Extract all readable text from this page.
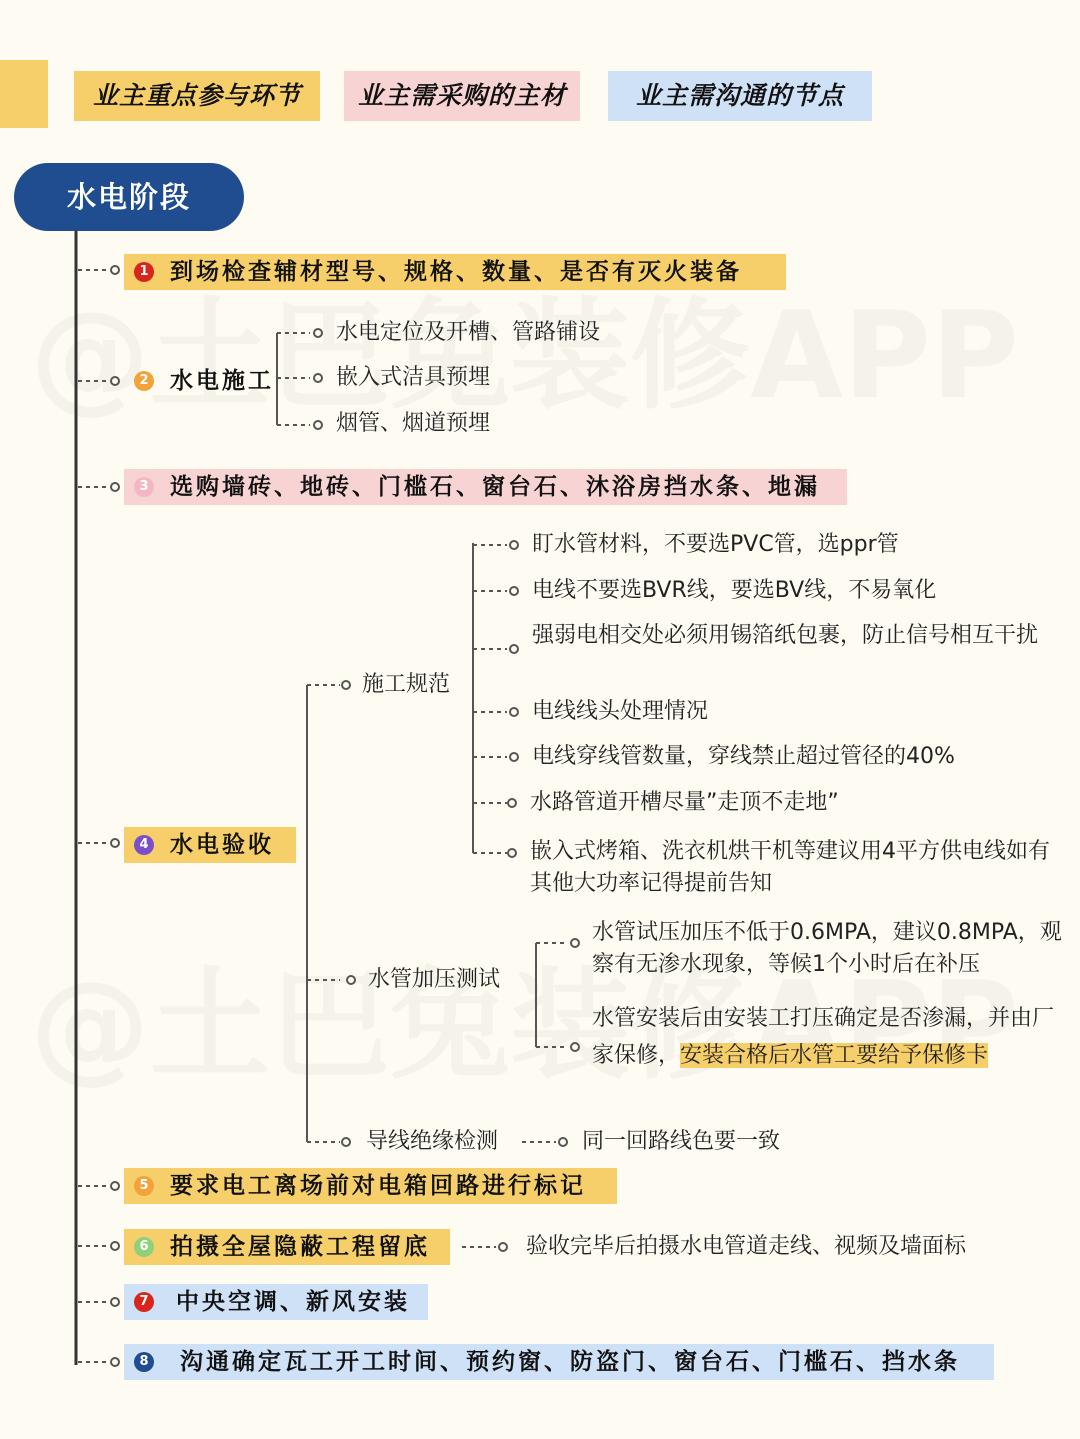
业主重点参与环节	业主需采购的主材	业主需沟通的节点
水电阶段
1 到场检查辅材型号、规格、数量、是否有灭火装备
2 水电施工
水电定位及开槽、管路铺设
嵌入式洁具预埋
烟管、烟道预埋
3 选购墙砖、地砖、门槛石、窗台石、沐浴房挡水条、地漏
4 水电验收
施工规范
盯水管材料，不要选PVC管，选ppr管
电线不要选BVR线，要选BV线，不易氧化
强弱电相交处必须用锡箔纸包裹，防止信号相互干扰
电线线头处理情况
电线穿线管数量，穿线禁止超过管径的40%
水路管道开槽尽量”走顶不走地”
嵌入式烤箱、洗衣机烘干机等建议用4平方供电线如有其他大功率记得提前告知
水管加压测试
水管试压加压不低于0.6MPA，建议0.8MPA，观察有无渗水现象，等候1个小时后在补压
水管安装后由安装工打压确定是否渗漏，并由厂家保修，安装合格后水管工要给予保修卡
导线绝缘检测	同一回路线色要一致
5 要求电工离场前对电箱回路进行标记
6 拍摄全屋隐蔽工程留底	验收完毕后拍摄水电管道走线、视频及墙面标
7 中央空调、新风安装
8 沟通确定瓦工开工时间、预约窗、防盗门、窗台石、门槛石、挡水条
